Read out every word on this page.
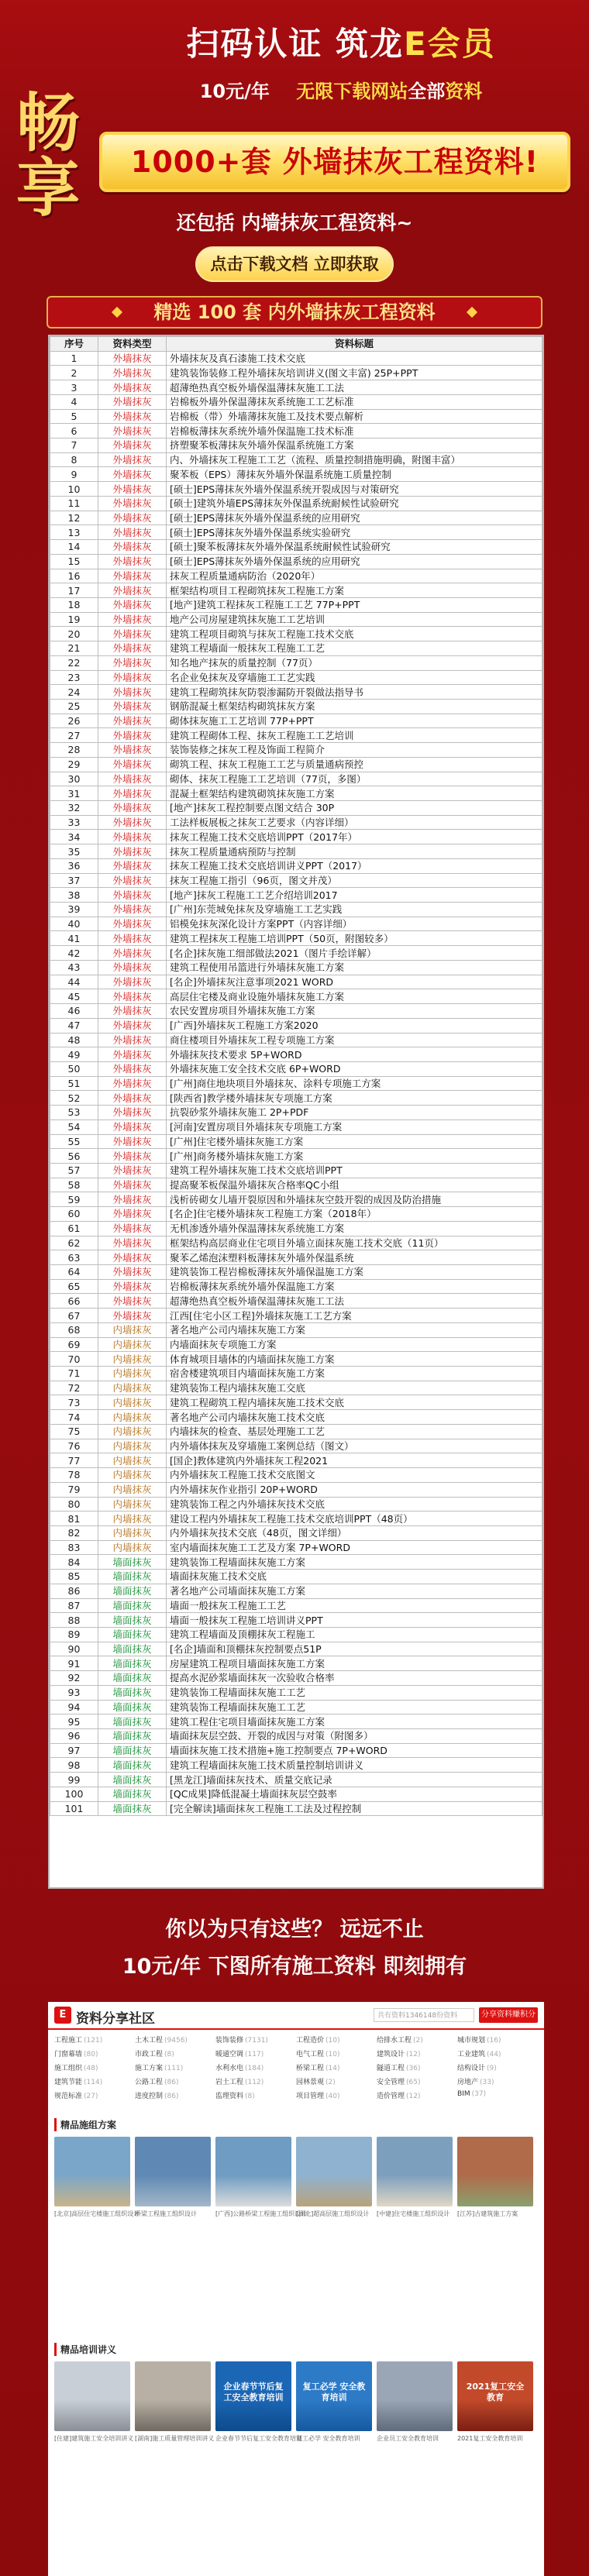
畅
享
扫码认证 筑龙E会员
10元/年 无限下载网站全部资料
1000+套 外墙抹灰工程资料!
还包括 内墙抹灰工程资料~
点击下载文档 立即获取
精选 100 套 内外墙抹灰工程资料
序号	资料类型	资料标题
1	外墙抹灰	外墙抹灰及真石漆施工技术交底
2	外墙抹灰	建筑装饰装修工程外墙抹灰培训讲义(图文丰富) 25P+PPT
3	外墙抹灰	超薄绝热真空板外墙保温薄抹灰施工工法
4	外墙抹灰	岩棉板外墙外保温薄抹灰系统施工工艺标准
5	外墙抹灰	岩棉板（带）外墙薄抹灰施工及技术要点解析
6	外墙抹灰	岩棉板薄抹灰系统外墙外保温施工技术标准
7	外墙抹灰	挤塑聚苯板薄抹灰外墙外保温系统施工方案
8	外墙抹灰	内、外墙抹灰工程施工工艺（流程、质量控制措施明确，附图丰富）
9	外墙抹灰	聚苯板（EPS）薄抹灰外墙外保温系统施工质量控制
10	外墙抹灰	[硕士]EPS薄抹灰外墙外保温系统开裂成因与对策研究
11	外墙抹灰	[硕士]建筑外墙EPS薄抹灰外保温系统耐候性试验研究
12	外墙抹灰	[硕士]EPS薄抹灰外墙外保温系统的应用研究
13	外墙抹灰	[硕士]EPS薄抹灰外墙外保温系统实验研究
14	外墙抹灰	[硕士]聚苯板薄抹灰外墙外保温系统耐候性试验研究
15	外墙抹灰	[硕士]EPS薄抹灰外墙外保温系统的应用研究
16	外墙抹灰	抹灰工程质量通病防治（2020年）
17	外墙抹灰	框架结构项目工程砌筑抹灰工程施工方案
18	外墙抹灰	[地产]建筑工程抹灰工程施工工艺 77P+PPT
19	外墙抹灰	地产公司房屋建筑抹灰施工工艺培训
20	外墙抹灰	建筑工程项目砌筑与抹灰工程施工技术交底
21	外墙抹灰	建筑工程墙面一般抹灰工程施工工艺
22	外墙抹灰	知名地产抹灰的质量控制（77页）
23	外墙抹灰	名企业免抹灰及穿墙施工工艺实践
24	外墙抹灰	建筑工程砌筑抹灰防裂渗漏防开裂做法指导书
25	外墙抹灰	钢筋混凝土框架结构砌筑抹灰方案
26	外墙抹灰	砌体抹灰施工工艺培训 77P+PPT
27	外墙抹灰	建筑工程砌体工程、抹灰工程施工工艺培训
28	外墙抹灰	装饰装修之抹灰工程及饰面工程简介
29	外墙抹灰	砌筑工程、抹灰工程施工工艺与质量通病预控
30	外墙抹灰	砌体、抹灰工程施工工艺培训（77页，多图）
31	外墙抹灰	混凝土框架结构建筑砌筑抹灰施工方案
32	外墙抹灰	[地产]抹灰工程控制要点图文结合 30P
33	外墙抹灰	工法样板展板之抹灰工艺要求（内容详细）
34	外墙抹灰	抹灰工程施工技术交底培训PPT（2017年）
35	外墙抹灰	抹灰工程质量通病预防与控制
36	外墙抹灰	抹灰工程施工技术交底培训讲义PPT（2017）
37	外墙抹灰	抹灰工程施工指引（96页，图文并茂）
38	外墙抹灰	[地产]抹灰工程施工工艺介绍培训2017
39	外墙抹灰	[广州]东莞城免抹灰及穿墙施工工艺实践
40	外墙抹灰	铝模免抹灰深化设计方案PPT（内容详细）
41	外墙抹灰	建筑工程抹灰工程施工培训PPT（50页，附图较多）
42	外墙抹灰	[名企]抹灰施工细部做法2021（图片手绘详解）
43	外墙抹灰	建筑工程使用吊篮进行外墙抹灰施工方案
44	外墙抹灰	[名企]外墙抹灰注意事项2021 WORD
45	外墙抹灰	高层住宅楼及商业设施外墙抹灰施工方案
46	外墙抹灰	农民安置房项目外墙抹灰施工方案
47	外墙抹灰	[广西]外墙抹灰工程施工方案2020
48	外墙抹灰	商住楼项目外墙抹灰工程专项施工方案
49	外墙抹灰	外墙抹灰技术要求 5P+WORD
50	外墙抹灰	外墙抹灰施工安全技术交底 6P+WORD
51	外墙抹灰	[广州]商住地块项目外墙抹灰、涂料专项施工方案
52	外墙抹灰	[陕西省]教学楼外墙抹灰专项施工方案
53	外墙抹灰	抗裂砂浆外墙抹灰施工 2P+PDF
54	外墙抹灰	[河南]安置房项目外墙抹灰专项施工方案
55	外墙抹灰	[广州]住宅楼外墙抹灰施工方案
56	外墙抹灰	[广州]商务楼外墙抹灰施工方案
57	外墙抹灰	建筑工程外墙抹灰施工技术交底培训PPT
58	外墙抹灰	提高聚苯板保温外墙抹灰合格率QC小组
59	外墙抹灰	浅析砖砌女儿墙开裂原因和外墙抹灰空鼓开裂的成因及防治措施
60	外墙抹灰	[名企]住宅楼外墙抹灰工程施工方案（2018年）
61	外墙抹灰	无机渗透外墙外保温薄抹灰系统施工方案
62	外墙抹灰	框架结构高层商业住宅项目外墙立面抹灰施工技术交底（11页）
63	外墙抹灰	聚苯乙烯泡沫塑料板薄抹灰外墙外保温系统
64	外墙抹灰	建筑装饰工程岩棉板薄抹灰外墙保温施工方案
65	外墙抹灰	岩棉板薄抹灰系统外墙外保温施工方案
66	外墙抹灰	超薄绝热真空板外墙保温薄抹灰施工工法
67	外墙抹灰	江西[住宅小区工程]外墙抹灰施工工艺方案
68	内墙抹灰	著名地产公司内墙抹灰施工方案
69	内墙抹灰	内墙面抹灰专项施工方案
70	内墙抹灰	体育城项目墙体的内墙面抹灰施工方案
71	内墙抹灰	宿舍楼建筑项目内墙面抹灰施工方案
72	内墙抹灰	建筑装饰工程内墙抹灰施工交底
73	内墙抹灰	建筑工程砌筑工程内墙抹灰施工技术交底
74	内墙抹灰	著名地产公司内墙抹灰施工技术交底
75	内墙抹灰	内墙抹灰的检查、基层处理施工工艺
76	内墙抹灰	内外墙体抹灰及穿墙施工案例总结（图文）
77	内墙抹灰	[国企]教体建筑内外墙抹灰工程2021
78	内墙抹灰	内外墙抹灰工程施工技术交底图文
79	内墙抹灰	内外墙抹灰作业指引 20P+WORD
80	内墙抹灰	建筑装饰工程之内外墙抹灰技术交底
81	内墙抹灰	建设工程内外墙抹灰工程施工技术交底培训PPT（48页）
82	内墙抹灰	内外墙抹灰技术交底（48页，图文详细）
83	内墙抹灰	室内墙面抹灰施工工艺及方案 7P+WORD
84	墙面抹灰	建筑装饰工程墙面抹灰施工方案
85	墙面抹灰	墙面抹灰施工技术交底
86	墙面抹灰	著名地产公司墙面抹灰施工方案
87	墙面抹灰	墙面一般抹灰工程施工工艺
88	墙面抹灰	墙面一般抹灰工程施工培训讲义PPT
89	墙面抹灰	建筑工程墙面及顶棚抹灰工程施工
90	墙面抹灰	[名企]墙面和顶棚抹灰控制要点51P
91	墙面抹灰	房屋建筑工程项目墙面抹灰施工方案
92	墙面抹灰	提高水泥砂浆墙面抹灰一次验收合格率
93	墙面抹灰	建筑装饰工程墙面抹灰施工工艺
94	墙面抹灰	建筑装饰工程墙面抹灰施工工艺
95	墙面抹灰	建筑工程住宅项目墙面抹灰施工方案
96	墙面抹灰	墙面抹灰层空鼓、开裂的成因与对策（附图多）
97	墙面抹灰	墙面抹灰施工技术措施+施工控制要点 7P+WORD
98	墙面抹灰	建筑工程墙面抹灰施工技术质量控制培训讲义
99	墙面抹灰	[黑龙江]墙面抹灰技术、质量交底记录
100	墙面抹灰	[QC成果]降低混凝土墙面抹灰层空鼓率
101	墙面抹灰	[完全解读]墙面抹灰工程施工工法及过程控制
你以为只有这些？ 远远不止
10元/年 下图所有施工资料 即刻拥有
E 资料分享社区	共有资料1346148份资料	分享资料赚积分
工程施工 (121)	土木工程 (9456)	装饰装修 (7131)	工程造价 (10)	给排水工程 (2)	城市规划 (16)
门窗幕墙 (80)	市政工程 (8)	暖通空调 (117)	电气工程 (10)	建筑设计 (12)	工业建筑 (44)
施工组织 (48)	施工方案 (111)	水利水电 (184)	桥梁工程 (14)	隧道工程 (36)	结构设计 (9)
建筑节能 (114)	公路工程 (86)	岩土工程 (112)	园林景观 (2)	安全管理 (65)	房地产 (33)
规范标准 (27)	进度控制 (86)	监理资料 (8)	项目管理 (40)	造价管理 (12)	BIM (37)
精品施组方案
[北京]高层住宅楼施工组织设计
桥梁工程施工组织设计	[广西]公路桥梁工程施工组织设计
[湖北]超高层施工组织设计	[中建]住宅楼施工组织设计	[江苏]古建筑施工方案
精品培训讲义
[住建]建筑施工安全培训讲义 [湖南]施工质量管理培训讲义
企业春节节后复工安全教育培训
企业春节节后复工安全教育培训
复工必学 安全教育培训
复工必学 安全教育培训	企业员工安全教育培训
2021复工安全教育
2021复工安全教育培训
